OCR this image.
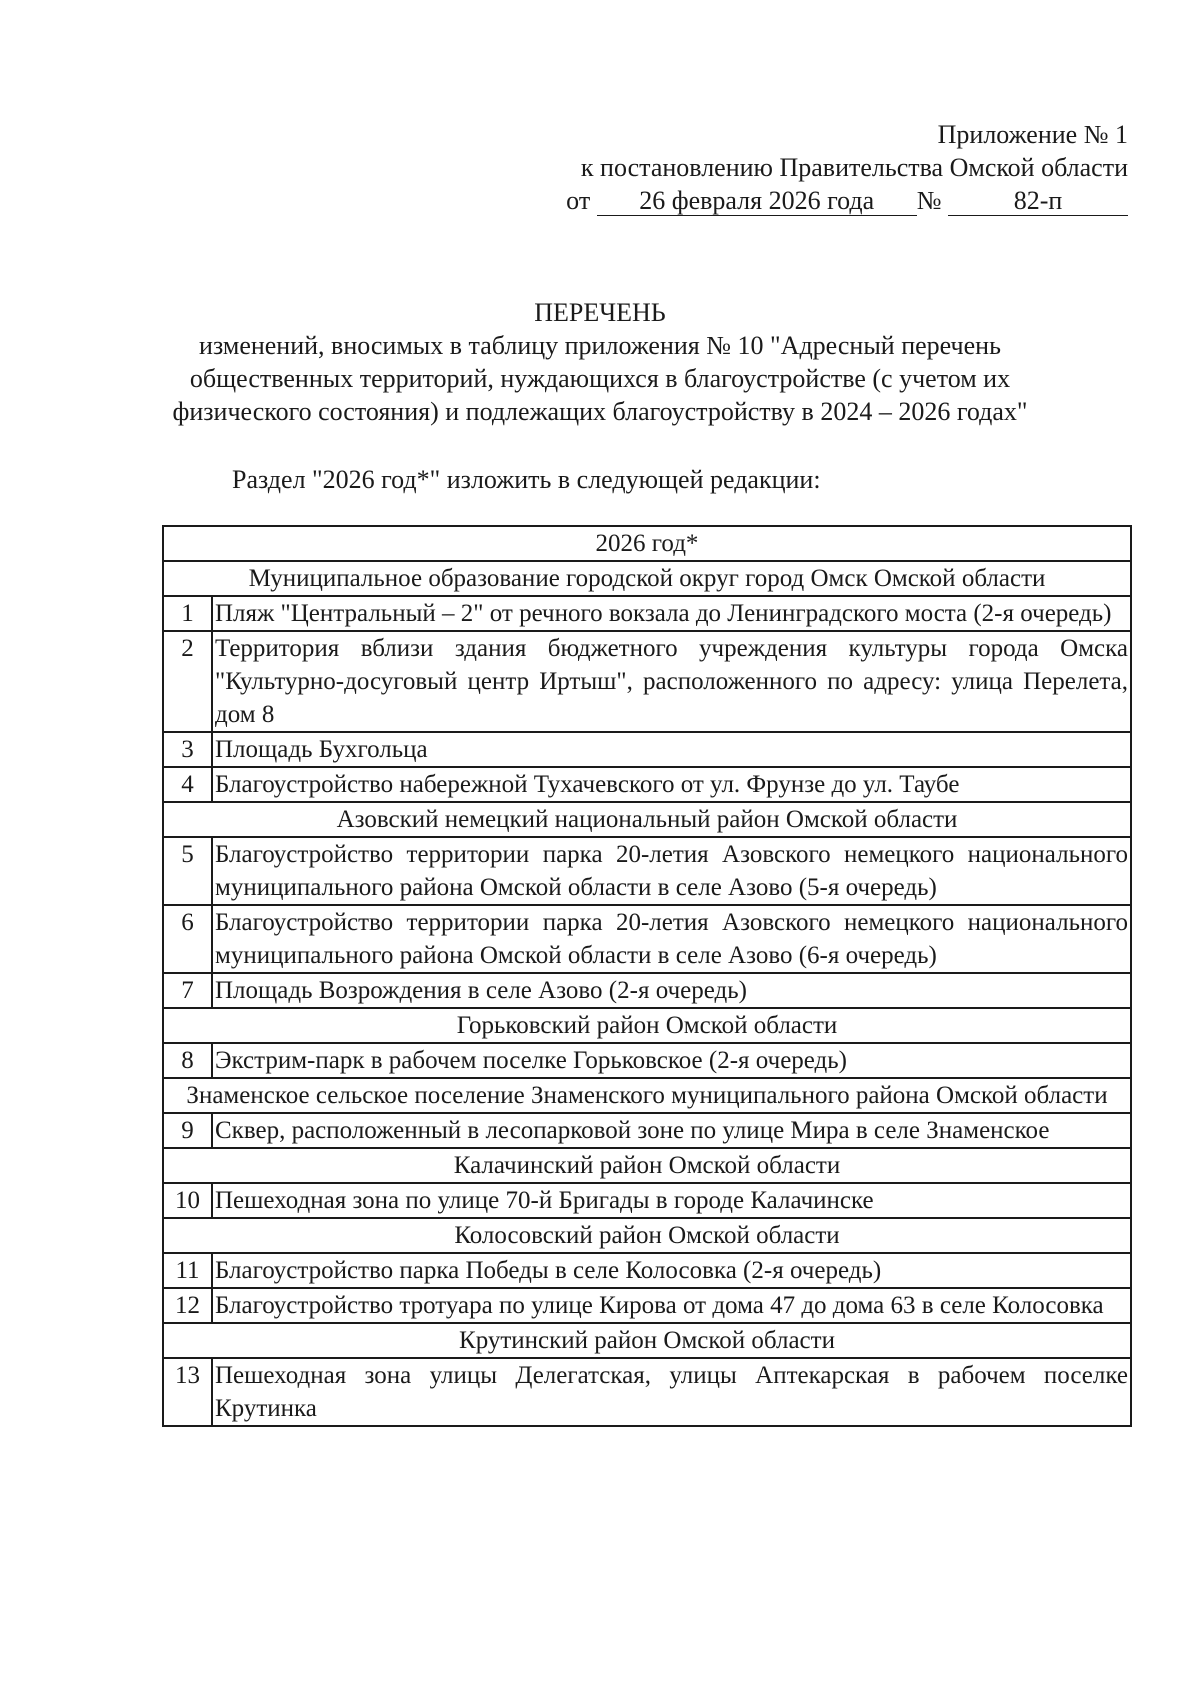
Приложение № 1
к постановлению Правительства Омской области
от 26 февраля 2026 года №	82-п
ПЕРЕЧЕНЬ
изменений, вносимых в таблицу приложения № 10 "Адресный перечень общественных территорий, нуждающихся в благоустройстве (с учетом их физического состояния) и подлежащих благоустройству в 2024 – 2026 годах"
Раздел "2026 год*" изложить в следующей редакции:
2026 год*	
Муниципальное образование городской округ город Омск Омской области	
1	Пляж "Центральный – 2" от речного вокзала до Ленинградского моста (2-я очередь)
2	Территория вблизи здания бюджетного учреждения культуры города Омска "Культурно-досуговый центр Иртыш", расположенного по адресу: улица Перелета, дом 8
3	Площадь Бухгольца
4	Благоустройство набережной Тухачевского от ул. Фрунзе до ул. Таубе
Азовский немецкий национальный район Омской области	
5	Благоустройство территории парка 20-летия Азовского немецкого национального муниципального района Омской области в селе Азово (5-я очередь)
6	Благоустройство территории парка 20-летия Азовского немецкого национального муниципального района Омской области в селе Азово (6-я очередь)
7	Площадь Возрождения в селе Азово (2-я очередь)
Горьковский район Омской области	
8	Экстрим-парк в рабочем поселке Горьковское (2-я очередь)
Знаменское сельское поселение Знаменского муниципального района Омской области	
9	Сквер, расположенный в лесопарковой зоне по улице Мира в селе Знаменское
Калачинский район Омской области	
10	Пешеходная зона по улице 70-й Бригады в городе Калачинске
Колосовский район Омской области	
11	Благоустройство парка Победы в селе Колосовка (2-я очередь)
12	Благоустройство тротуара по улице Кирова от дома 47 до дома 63 в селе Колосовка
Крутинский район Омской области	
13	Пешеходная зона улицы Делегатская, улицы Аптекарская в рабочем поселке Крутинка
